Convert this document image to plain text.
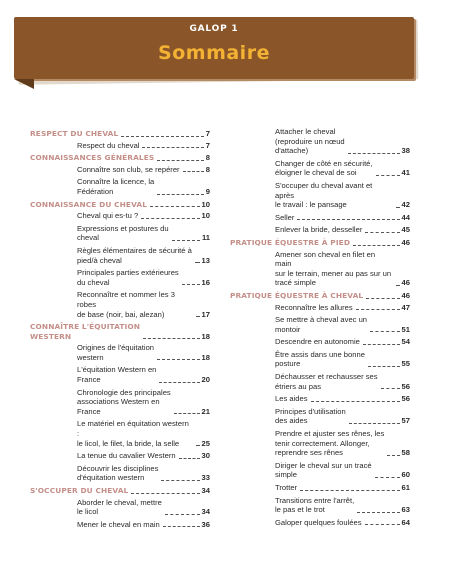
GALOP 1
Sommaire
RESPECT DU CHEVAL	7
Respect du cheval	7
CONNAISSANCES GÉNÉRALES	8
Connaître son club, se repérer	8
Connaître la licence, la
Fédération	9
CONNAISSANCE DU CHEVAL	10
Cheval qui es-tu ?	10
Expressions et postures du
cheval	11
Règles élémentaires de sécurité à
pied/à cheval	13
Principales parties extérieures
du cheval	16
Reconnaître et nommer les 3 robes
de base (noir, bai, alezan)	17
CONNAÎTRE L'ÉQUITATION
WESTERN	18
Origines de l'équitation
western	18
L'équitation Western en
France	20
Chronologie des principales
associations Western en
France	21
Le matériel en équitation western :
le licol, le filet, la bride, la selle	25
La tenue du cavalier Western	30
Découvrir les disciplines
d'équitation western	33
S'OCCUPER DU CHEVAL	34
Aborder le cheval, mettre
le licol	34
Mener le cheval en main	36
Attacher le cheval
(reproduire un nœud
d'attache)	38
Changer de côté en sécurité,
éloigner le cheval de soi	41
S'occuper du cheval avant et après
le travail : le pansage	42
Seller	44
Enlever la bride, desseller	45
PRATIQUE ÉQUESTRE À PIED	46
Amener son cheval en filet en main
sur le terrain, mener au pas sur un
tracé simple	46
PRATIQUE ÉQUESTRE À CHEVAL	46
Reconnaître les allures	47
Se mettre à cheval avec un
montoir	51
Descendre en autonomie	54
Être assis dans une bonne
posture	55
Déchausser et rechausser ses
étriers au pas	56
Les aides	56
Principes d'utilisation
des aides	57
Prendre et ajuster ses rênes, les
tenir correctement. Allonger,
reprendre ses rênes	58
Diriger le cheval sur un tracé
simple	60
Trotter	61
Transitions entre l'arrêt,
le pas et le trot	63
Galoper quelques foulées	64
